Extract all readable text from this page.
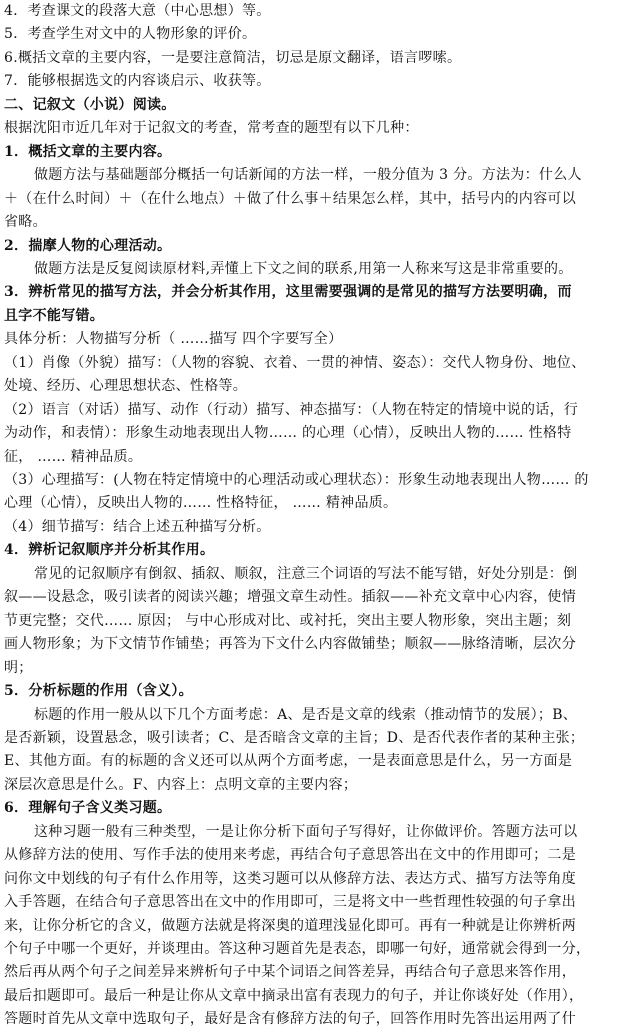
4．考查课文的段落大意（中心思想）等。
5．考查学生对文中的人物形象的评价。
6.概括文章的主要内容，一是要注意简洁，切忌是原文翻译，语言啰嗦。
7．能够根据选文的内容谈启示、收获等。
二、记叙文（小说）阅读。
根据沈阳市近几年对于记叙文的考查，常考查的题型有以下几种：
1．概括文章的主要内容。
做题方法与基础题部分概括一句话新闻的方法一样，一般分值为 3 分。方法为：什么人
＋（在什么时间）＋（在什么地点）＋做了什么事＋结果怎么样，其中，括号内的内容可以
省略。
2．揣摩人物的心理活动。
做题方法是反复阅读原材料,弄懂上下文之间的联系,用第一人称来写这是非常重要的。
3．辨析常见的描写方法，并会分析其作用，这里需要强调的是常见的描写方法要明确，而
且字不能写错。
具体分析：人物描写分析（ ……描写 四个字要写全）
（1）肖像（外貌）描写：（人物的容貌、衣着、一贯的神情、姿态）：交代人物身份、地位、
处境、经历、心理思想状态、性格等。
（2）语言（对话）描写、动作（行动）描写、神态描写：（人物在特定的情境中说的话，行
为动作，和表情）：形象生动地表现出人物…… 的心理（心情），反映出人物的…… 性格特
征， …… 精神品质。
（3）心理描写：(人物在特定情境中的心理活动或心理状态）：形象生动地表现出人物…… 的
心理（心情），反映出人物的…… 性格特征， …… 精神品质。
（4）细节描写：结合上述五种描写分析。
4．辨析记叙顺序并分析其作用。
常见的记叙顺序有倒叙、插叙、顺叙，注意三个词语的写法不能写错，好处分别是：倒
叙——设悬念，吸引读者的阅读兴趣；增强文章生动性。插叙——补充文章中心内容，使情
节更完整；交代…… 原因； 与中心形成对比、或衬托，突出主要人物形象，突出主题；刻
画人物形象；为下文情节作铺垫；再答为下文什么内容做铺垫；顺叙——脉络清晰，层次分
明；
5．分析标题的作用（含义）。
标题的作用一般从以下几个方面考虑：A、是否是文章的线索（推动情节的发展）；B、
是否新颖，设置悬念，吸引读者；C、是否暗含文章的主旨；D、是否代表作者的某种主张；
E、其他方面。有的标题的含义还可以从两个方面考虑，一是表面意思是什么，另一方面是
深层次意思是什么。F、内容上：点明文章的主要内容；
6．理解句子含义类习题。
这种习题一般有三种类型，一是让你分析下面句子写得好，让你做评价。答题方法可以
从修辞方法的使用、写作手法的使用来考虑，再结合句子意思答出在文中的作用即可；二是
问你文中划线的句子有什么作用等，这类习题可以从修辞方法、表达方式、描写方法等角度
入手答题，在结合句子意思答出在文中的作用即可，三是将文中一些哲理性较强的句子拿出
来，让你分析它的含义，做题方法就是将深奥的道理浅显化即可。再有一种就是让你辨析两
个句子中哪一个更好，并谈理由。答这种习题首先是表态，即哪一句好，通常就会得到一分，
然后再从两个句子之间差异来辨析句子中某个词语之间答差异，再结合句子意思来答作用，
最后扣题即可。最后一种是让你从文章中摘录出富有表现力的句子，并让你谈好处（作用），
答题时首先从文章中选取句子，最好是含有修辞方法的句子，回答作用时先答出运用两了什
